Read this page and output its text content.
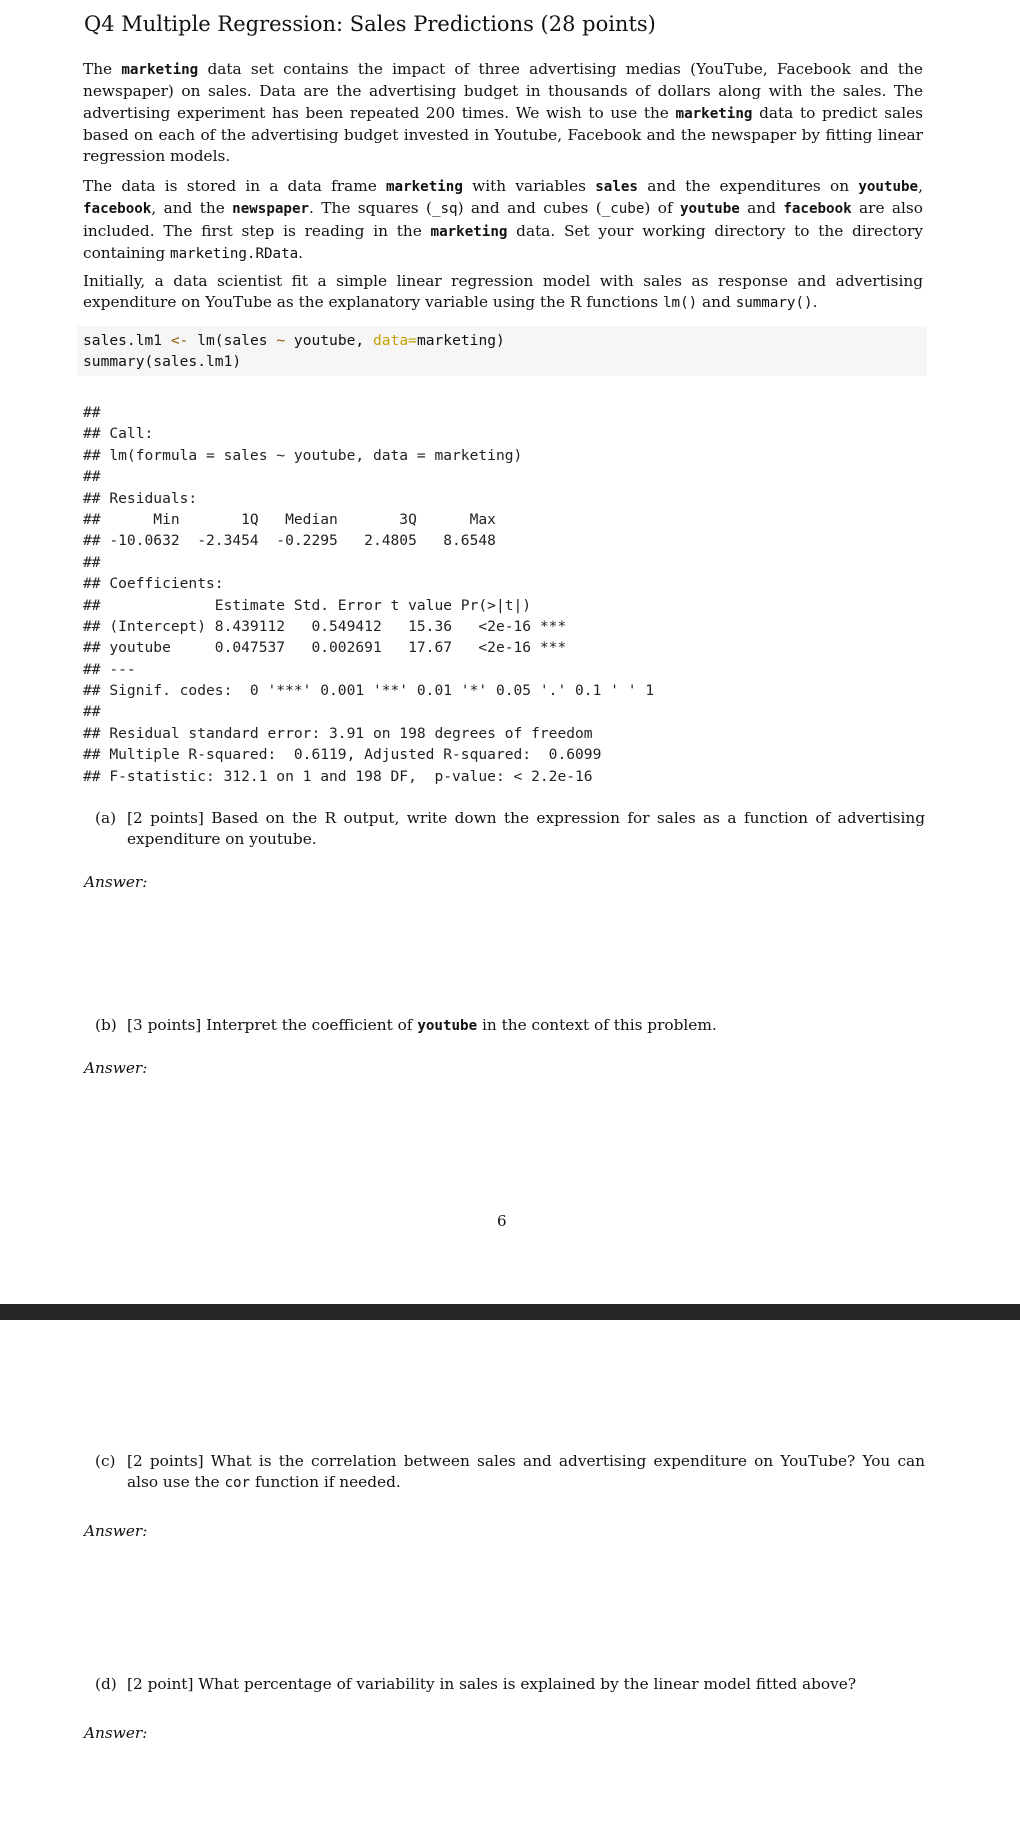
Q4 Multiple Regression: Sales Predictions (28 points)

The marketing data set contains the impact of three advertising medias (YouTube, Facebook and the newspaper) on sales. Data are the advertising budget in thousands of dollars along with the sales. The advertising experiment has been repeated 200 times. We wish to use the marketing data to predict sales based on each of the advertising budget invested in Youtube, Facebook and the newspaper by fitting linear regression models.

The data is stored in a data frame marketing with variables sales and the expenditures on youtube, facebook, and the newspaper. The squares (_sq) and and cubes (_cube) of youtube and facebook are also included. The first step is reading in the marketing data. Set your working directory to the directory containing marketing.RData.

Initially, a data scientist fit a simple linear regression model with sales as response and advertising expenditure on YouTube as the explanatory variable using the R functions lm() and summary().

sales.lm1 <- lm(sales ~ youtube, data=marketing)
summary(sales.lm1)
##
## Call:
## lm(formula = sales ~ youtube, data = marketing)
##
## Residuals:
##      Min       1Q   Median       3Q      Max
## -10.0632  -2.3454  -0.2295   2.4805   8.6548
##
## Coefficients:
##             Estimate Std. Error t value Pr(>|t|)
## (Intercept) 8.439112   0.549412   15.36   <2e-16 ***
## youtube     0.047537   0.002691   17.67   <2e-16 ***
## ---
## Signif. codes:  0 '***' 0.001 '**' 0.01 '*' 0.05 '.' 0.1 ' ' 1
##
## Residual standard error: 3.91 on 198 degrees of freedom
## Multiple R-squared:  0.6119, Adjusted R-squared:  0.6099
## F-statistic: 312.1 on 1 and 198 DF,  p-value: < 2.2e-16
(a) [2 points] Based on the R output, write down the expression for sales as a function of advertising expenditure on youtube.
Answer:
(b) [3 points] Interpret the coefficient of youtube in the context of this problem.
Answer:
6
(c) [2 points] What is the correlation between sales and advertising expenditure on YouTube? You can also use the cor function if needed.
Answer:
(d) [2 point] What percentage of variability in sales is explained by the linear model fitted above?
Answer:
